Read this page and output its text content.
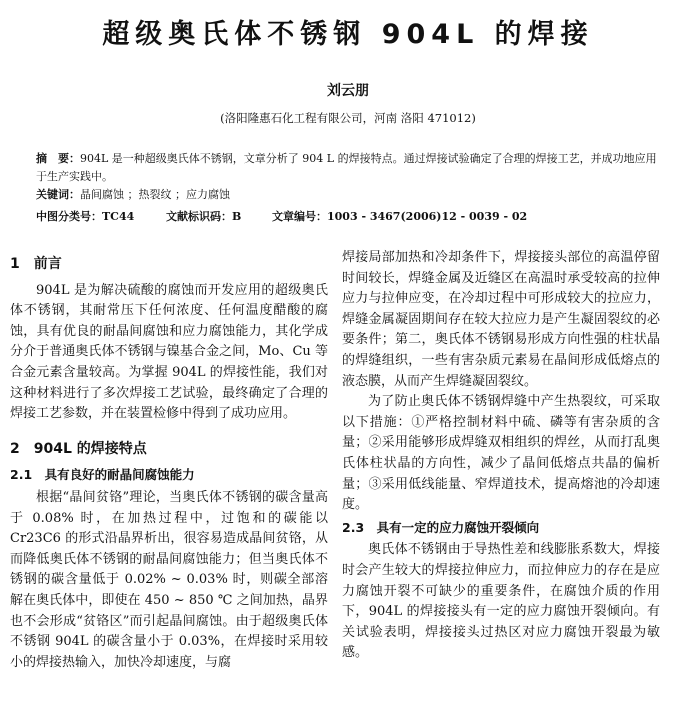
超级奥氏体不锈钢 904L 的焊接
刘云朋
(洛阳隆惠石化工程有限公司，河南 洛阳 471012)
摘　要：904L 是一种超级奥氏体不锈钢，文章分析了 904 L 的焊接特点。通过焊接试验确定了合理的焊接工艺，并成功地应用于生产实践中。
关键词：晶间腐蚀 ；热裂纹 ；应力腐蚀
中图分类号：TC44	文献标识码：B	文章编号：1003 - 3467(2006)12 - 0039 - 02
1　前言

904L 是为解决硫酸的腐蚀而开发应用的超级奥氏体不锈钢，其耐常压下任何浓度、任何温度醋酸的腐蚀，具有优良的耐晶间腐蚀和应力腐蚀能力，其化学成分介于普通奥氏体不锈钢与镍基合金之间，Mo、Cu 等合金元素含量较高。为掌握 904L 的焊接性能，我们对这种材料进行了多次焊接工艺试验，最终确定了合理的焊接工艺参数，并在装置检修中得到了成功应用。

2　904L 的焊接特点
2.1　具有良好的耐晶间腐蚀能力

根据“晶间贫铬”理论，当奥氏体不锈钢的碳含量高于 0.08% 时，在加热过程中，过饱和的碳能以 Cr23C6 的形式沿晶界析出，很容易造成晶间贫铬，从而降低奥氏体不锈钢的耐晶间腐蚀能力；但当奥氏体不锈钢的碳含量低于 0.02% ~ 0.03% 时，则碳全部溶解在奥氏体中，即使在 450 ~ 850 ℃ 之间加热，晶界也不会形成“贫铬区”而引起晶间腐蚀。由于超级奥氏体不锈钢 904L 的碳含量小于 0.03%，在焊接时采用较小的焊接热输入，加快冷却速度，与腐

焊接局部加热和冷却条件下，焊接接头部位的高温停留时间较长，焊缝金属及近缝区在高温时承受较高的拉伸应力与拉伸应变，在冷却过程中可形成较大的拉应力，焊缝金属凝固期间存在较大拉应力是产生凝固裂纹的必要条件；第二，奥氏体不锈钢易形成方向性强的柱状晶的焊缝组织，一些有害杂质元素易在晶间形成低熔点的液态膜，从而产生焊缝凝固裂纹。

为了防止奥氏体不锈钢焊缝中产生热裂纹，可采取以下措施：①严格控制材料中硫、磷等有害杂质的含量；②采用能够形成焊缝双相组织的焊丝，从而打乱奥氏体柱状晶的方向性，减少了晶间低熔点共晶的偏析量；③采用低线能量、窄焊道技术，提高熔池的冷却速度。

2.3　具有一定的应力腐蚀开裂倾向

奥氏体不锈钢由于导热性差和线膨胀系数大，焊接时会产生较大的焊接拉伸应力，而拉伸应力的存在是应力腐蚀开裂不可缺少的重要条件，在腐蚀介质的作用下，904L 的焊接接头有一定的应力腐蚀开裂倾向。有关试验表明，焊接接头过热区对应力腐蚀开裂最为敏感。
